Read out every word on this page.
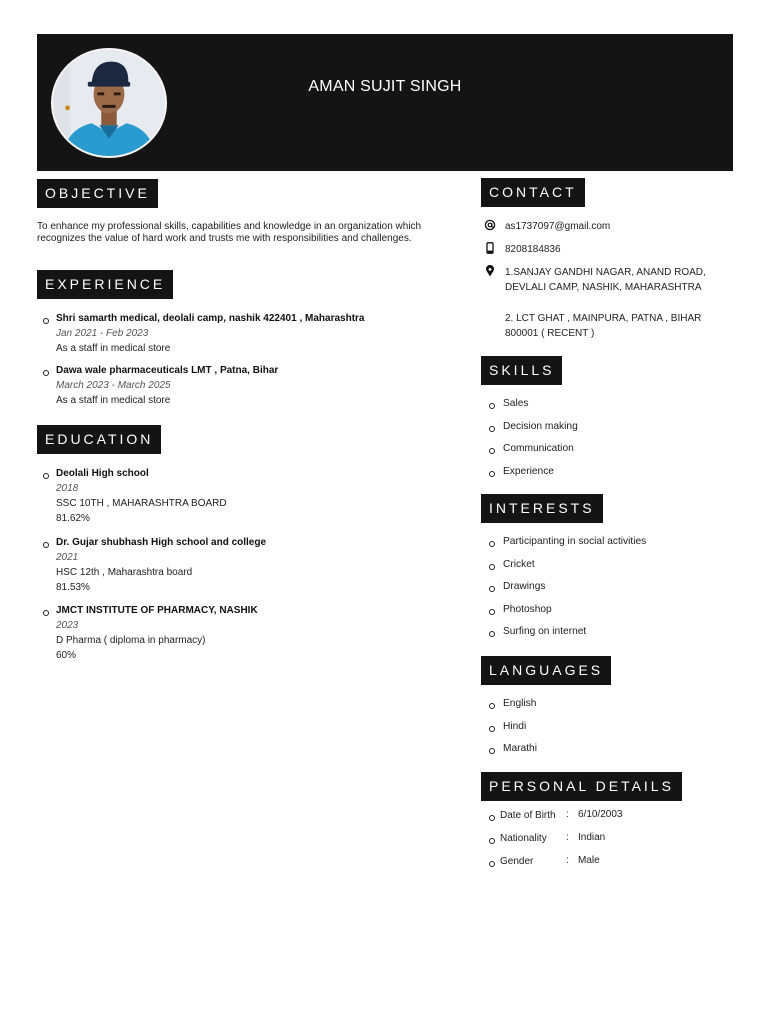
AMAN SUJIT SINGH
OBJECTIVE
To enhance my professional skills, capabilities and knowledge in an organization which recognizes the value of hard work and trusts me with responsibilities and challenges.
EXPERIENCE
Shri samarth medical, deolali camp, nashik 422401 , Maharashtra
Jan 2021 - Feb 2023
As a staff in medical store
Dawa wale pharmaceuticals LMT , Patna, Bihar
March 2023 - March 2025
As a staff in medical store
EDUCATION
Deolali High school
2018
SSC 10TH , MAHARASHTRA BOARD
81.62%
Dr. Gujar shubhash High school and college
2021
HSC 12th , Maharashtra board
81.53%
JMCT INSTITUTE OF PHARMACY, NASHIK
2023
D Pharma ( diploma in pharmacy)
60%
CONTACT
as1737097@gmail.com
8208184836
1.SANJAY GANDHI NAGAR, ANAND ROAD,
DEVLALI CAMP, NASHIK, MAHARASHTRA
2. LCT GHAT , MAINPURA, PATNA , BIHAR
800001 ( RECENT )
SKILLS
Sales
Decision making
Communication
Experience
INTERESTS
Participanting in social activities
Cricket
Drawings
Photoshop
Surfing on internet
LANGUAGES
English
Hindi
Marathi
PERSONAL DETAILS
Date of Birth : 6/10/2003
Nationality : Indian
Gender	: Male
